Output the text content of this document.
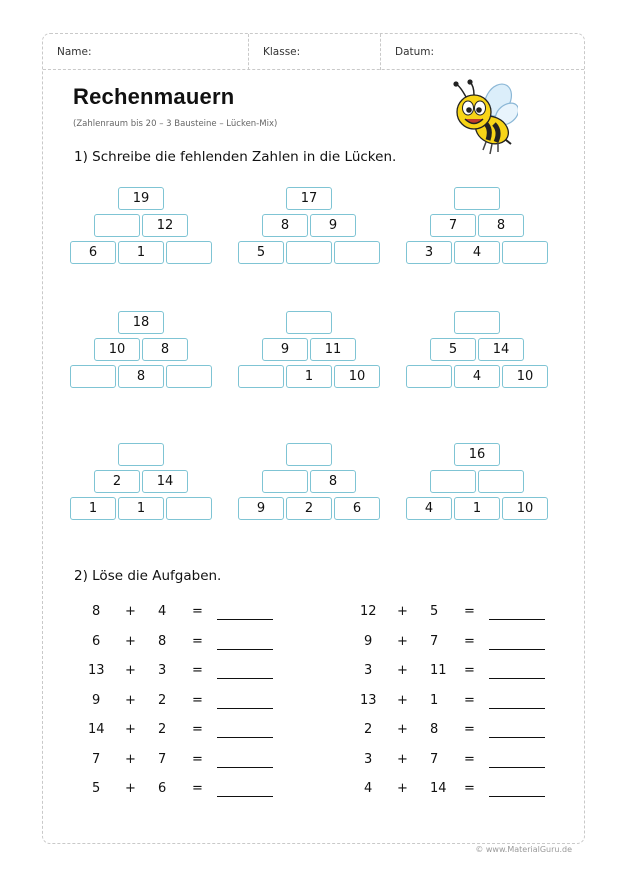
Name:	Klasse:	Datum:
Rechenmauern
(Zahlenraum bis 20 – 3 Bausteine – Lücken-Mix)
1) Schreibe die fehlenden Zahlen in die Lücken.
19
12
6	1
17
8	9
5
7	8
3	4
18
10	8
8
9	11
1	10
5	14
4	10
2	14
1	1
8
9	2	6
16
4	1	10
2) Löse die Aufgaben.
8 + 4 =
6 + 8 =
13 + 3 =
9 + 2 =
14 + 2 =
7 + 7 =
5 + 6 =
12 + 5 =
9 + 7 =
3 + 11 =
13 + 1 =
2 + 8 =
3 + 7 =
4 + 14 =
© www.MaterialGuru.de
